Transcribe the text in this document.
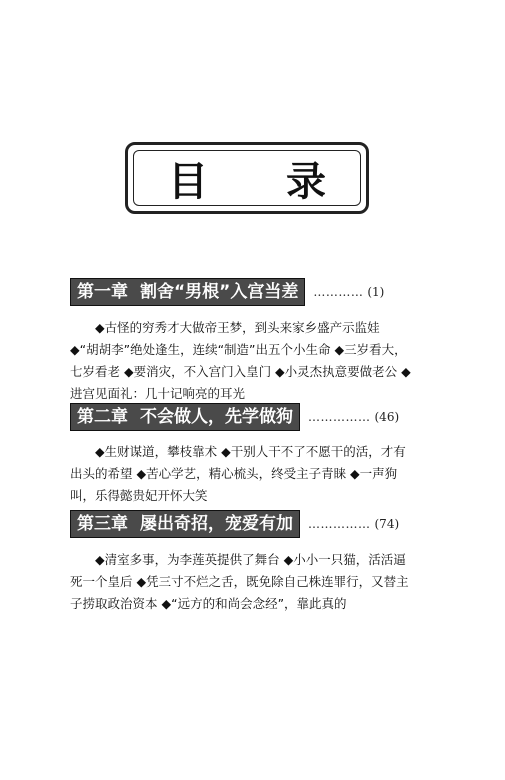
目录
第一章 割舍“男根”入宫当差	………… (1)

◆古怪的穷秀才大做帝王梦，到头来家乡盛产示监娃 ◆“胡胡李”绝处逢生，连续“制造”出五个小生命 ◆三岁看大，七岁看老 ◆要消灾，不入宫门入皇门 ◆小灵杰执意要做老公 ◆进宫见面礼：几十记响亮的耳光

第二章 不会做人，先学做狗	…………… (46)

◆生财谋道，攀枝靠术 ◆干别人干不了不愿干的活，才有出头的希望 ◆苦心学艺，精心梳头，终受主子青睐 ◆一声狗叫，乐得懿贵妃开怀大笑

第三章 屡出奇招，宠爱有加	…………… (74)

◆清室多事，为李莲英提供了舞台 ◆小小一只猫，活活逼死一个皇后 ◆凭三寸不烂之舌，既免除自己株连罪行，又替主子捞取政治资本 ◆“远方的和尚会念经”，靠此真的
